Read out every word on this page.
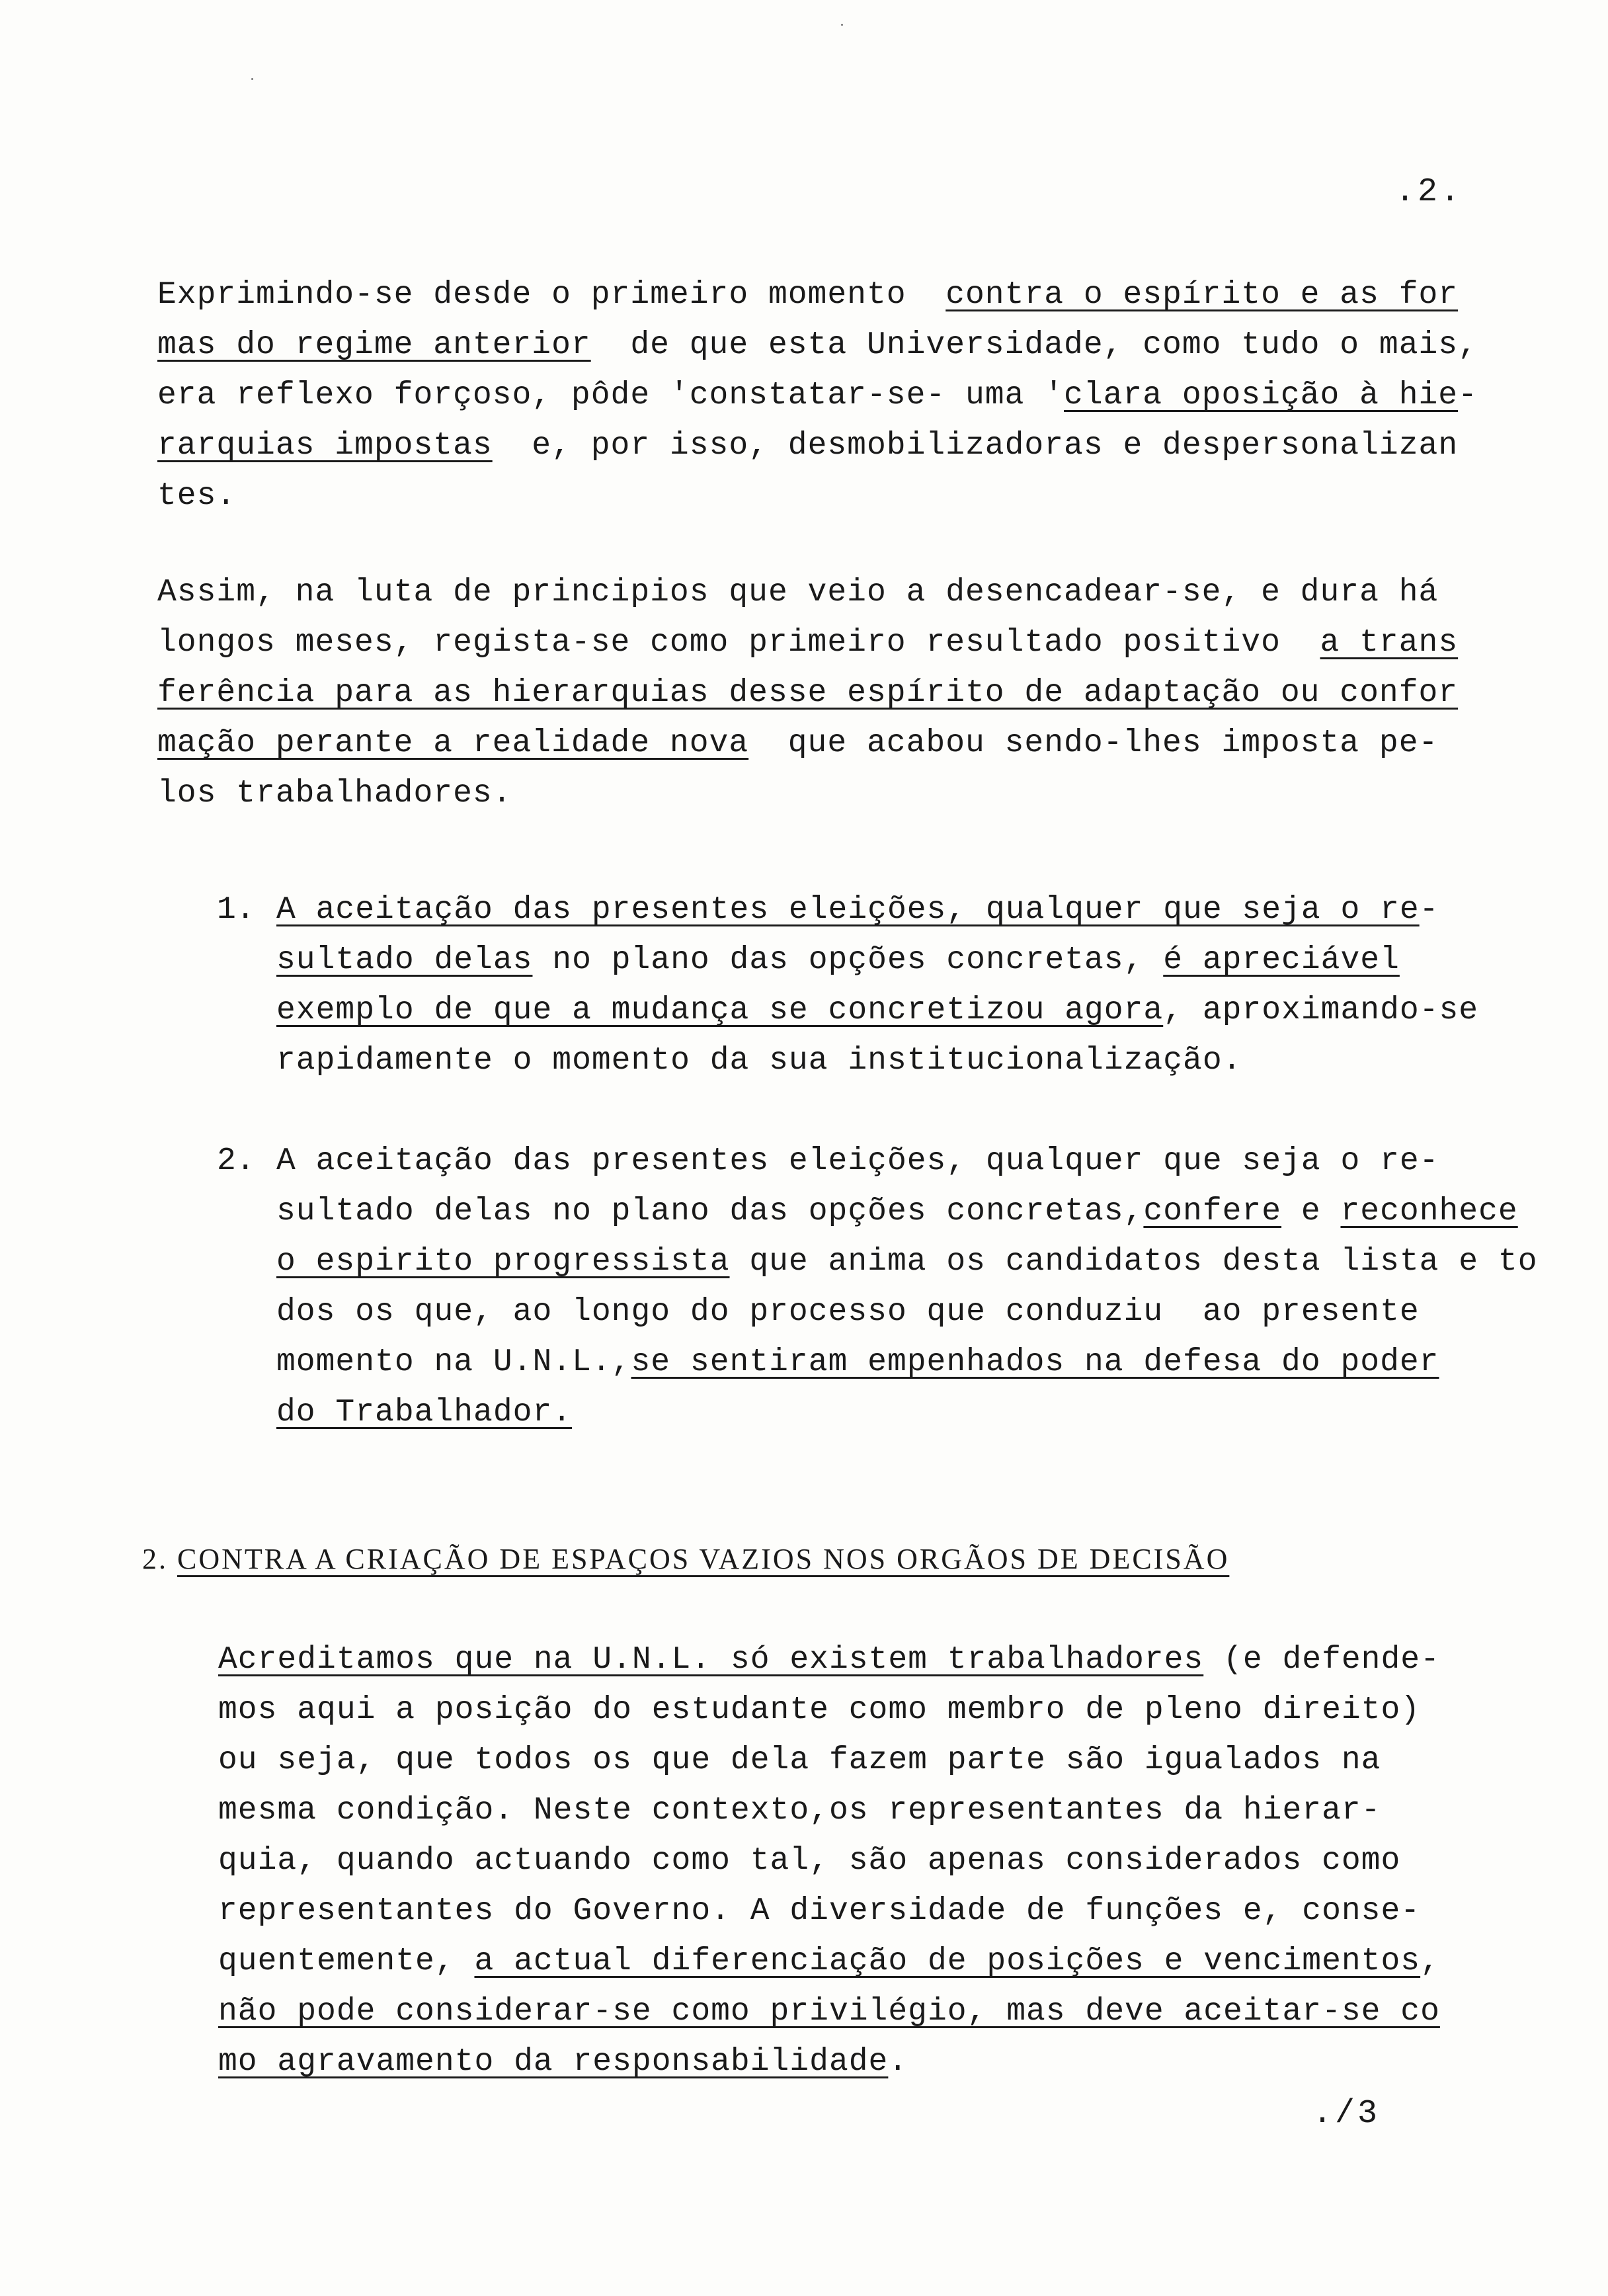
.2.
Exprimindo-se desde o primeiro momento  contra o espírito e as for
mas do regime anterior  de que esta Universidade, como tudo o mais,
era reflexo forçoso, pôde 'constatar-se- uma 'clara oposição à hie-
rarquias impostas  e, por isso, desmobilizadoras e despersonalizan
tes.
Assim, na luta de principios que veio a desencadear-se, e dura há
longos meses, regista-se como primeiro resultado positivo  a trans
ferência para as hierarquias desse espírito de adaptação ou confor
mação perante a realidade nova  que acabou sendo-lhes imposta pe-
los trabalhadores.
1. A aceitação das presentes eleições, qualquer que seja o re-
sultado delas no plano das opções concretas, é apreciável
exemplo de que a mudança se concretizou agora, aproximando-se
rapidamente o momento da sua institucionalização.
2. A aceitação das presentes eleições, qualquer que seja o re-
sultado delas no plano das opções concretas,confere e reconhece
o espirito progressista que anima os candidatos desta lista e to
dos os que, ao longo do processo que conduziu  ao presente
momento na U.N.L.,se sentiram empenhados na defesa do poder
do Trabalhador.
2. CONTRA A CRIAÇÃO DE ESPAÇOS VAZIOS NOS ORGÃOS DE DECISÃO
Acreditamos que na U.N.L. só existem trabalhadores (e defende-
mos aqui a posição do estudante como membro de pleno direito)
ou seja, que todos os que dela fazem parte são igualados na
mesma condição. Neste contexto,os representantes da hierar-
quia, quando actuando como tal, são apenas considerados como
representantes do Governo. A diversidade de funções e, conse-
quentemente, a actual diferenciação de posições e vencimentos,
não pode considerar-se como privilégio, mas deve aceitar-se co
mo agravamento da responsabilidade.
./3
